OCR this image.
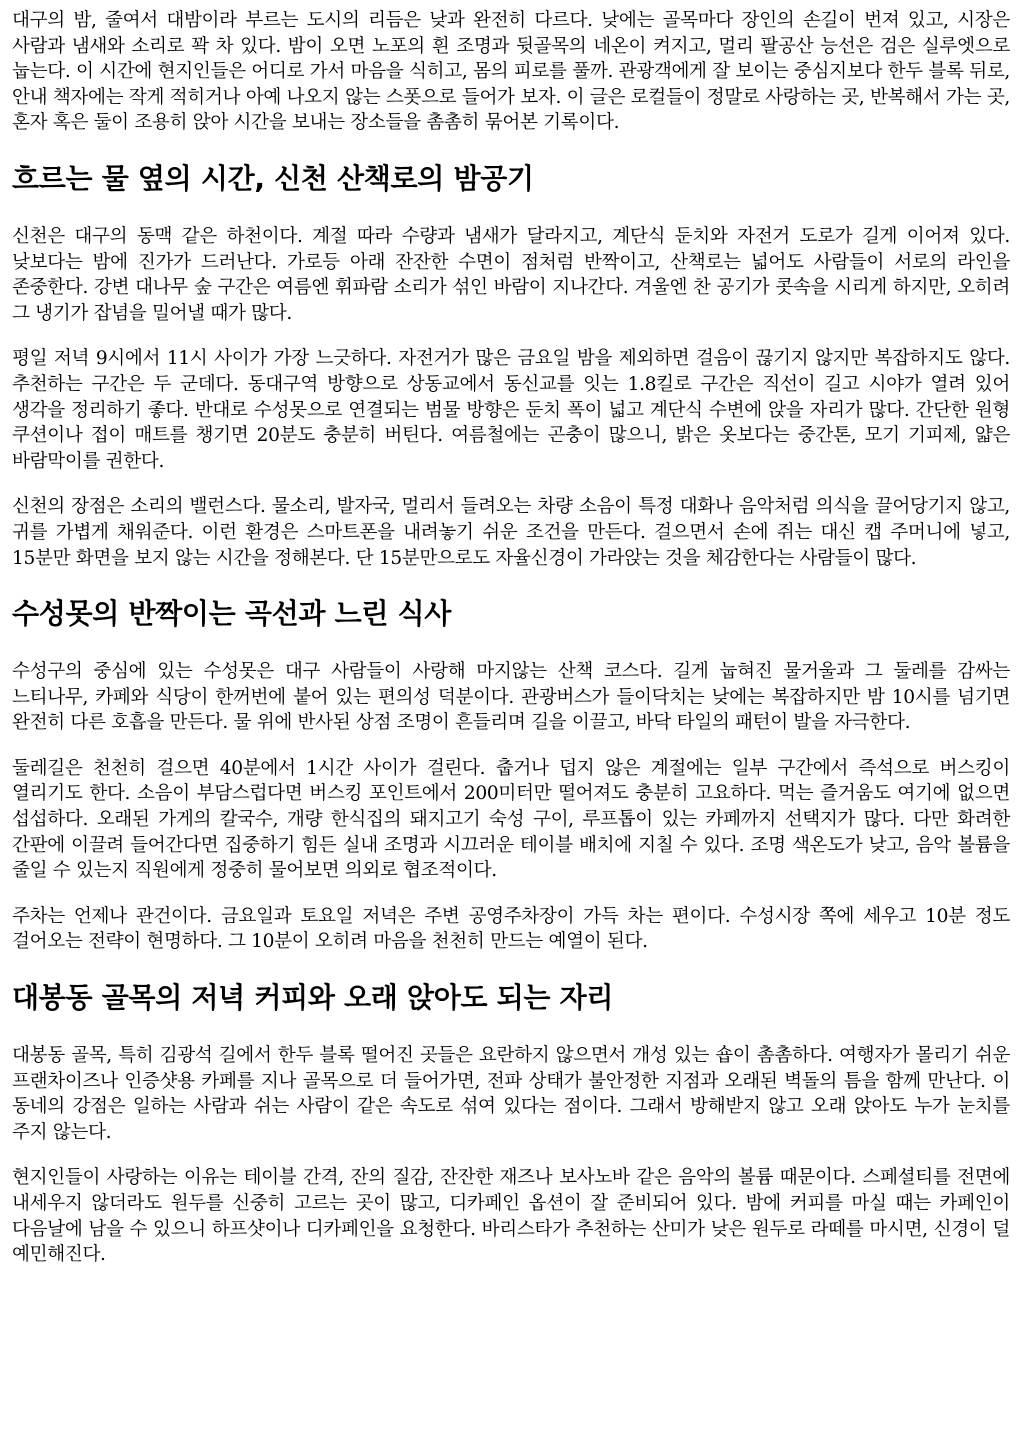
대구의 밤, 줄여서 대밤이라 부르는 도시의 리듬은 낮과 완전히 다르다. 낮에는 골목마다 장인의 손길이 번져 있고, 시장은 사람과 냄새와 소리로 꽉 차 있다. 밤이 오면 노포의 흰 조명과 뒷골목의 네온이 켜지고, 멀리 팔공산 능선은 검은 실루엣으로 눕는다. 이 시간에 현지인들은 어디로 가서 마음을 식히고, 몸의 피로를 풀까. 관광객에게 잘 보이는 중심지보다 한두 블록 뒤로, 안내 책자에는 작게 적히거나 아예 나오지 않는 스폿으로 들어가 보자. 이 글은 로컬들이 정말로 사랑하는 곳, 반복해서 가는 곳, 혼자 혹은 둘이 조용히 앉아 시간을 보내는 장소들을 촘촘히 묶어본 기록이다.

흐르는 물 옆의 시간, 신천 산책로의 밤공기

신천은 대구의 동맥 같은 하천이다. 계절 따라 수량과 냄새가 달라지고, 계단식 둔치와 자전거 도로가 길게 이어져 있다. 낮보다는 밤에 진가가 드러난다. 가로등 아래 잔잔한 수면이 점처럼 반짝이고, 산책로는 넓어도 사람들이 서로의 라인을 존중한다. 강변 대나무 숲 구간은 여름엔 휘파람 소리가 섞인 바람이 지나간다. 겨울엔 찬 공기가 콧속을 시리게 하지만, 오히려 그 냉기가 잡념을 밀어낼 때가 많다.

평일 저녁 9시에서 11시 사이가 가장 느긋하다. 자전거가 많은 금요일 밤을 제외하면 걸음이 끊기지 않지만 복잡하지도 않다. 추천하는 구간은 두 군데다. 동대구역 방향으로 상동교에서 동신교를 잇는 1.8킬로 구간은 직선이 길고 시야가 열려 있어 생각을 정리하기 좋다. 반대로 수성못으로 연결되는 범물 방향은 둔치 폭이 넓고 계단식 수변에 앉을 자리가 많다. 간단한 원형 쿠션이나 접이 매트를 챙기면 20분도 충분히 버틴다. 여름철에는 곤충이 많으니, 밝은 옷보다는 중간톤, 모기 기피제, 얇은 바람막이를 권한다.

신천의 장점은 소리의 밸런스다. 물소리, 발자국, 멀리서 들려오는 차량 소음이 특정 대화나 음악처럼 의식을 끌어당기지 않고, 귀를 가볍게 채워준다. 이런 환경은 스마트폰을 내려놓기 쉬운 조건을 만든다. 걸으면서 손에 쥐는 대신 캡 주머니에 넣고, 15분만 화면을 보지 않는 시간을 정해본다. 단 15분만으로도 자율신경이 가라앉는 것을 체감한다는 사람들이 많다.

수성못의 반짝이는 곡선과 느린 식사

수성구의 중심에 있는 수성못은 대구 사람들이 사랑해 마지않는 산책 코스다. 길게 눕혀진 물거울과 그 둘레를 감싸는 느티나무, 카페와 식당이 한꺼번에 붙어 있는 편의성 덕분이다. 관광버스가 들이닥치는 낮에는 복잡하지만 밤 10시를 넘기면 완전히 다른 호흡을 만든다. 물 위에 반사된 상점 조명이 흔들리며 길을 이끌고, 바닥 타일의 패턴이 발을 자극한다.

둘레길은 천천히 걸으면 40분에서 1시간 사이가 걸린다. 춥거나 덥지 않은 계절에는 일부 구간에서 즉석으로 버스킹이 열리기도 한다. 소음이 부담스럽다면 버스킹 포인트에서 200미터만 떨어져도 충분히 고요하다. 먹는 즐거움도 여기에 없으면 섭섭하다. 오래된 가게의 칼국수, 개량 한식집의 돼지고기 숙성 구이, 루프톱이 있는 카페까지 선택지가 많다. 다만 화려한 간판에 이끌려 들어간다면 집중하기 힘든 실내 조명과 시끄러운 테이블 배치에 지칠 수 있다. 조명 색온도가 낮고, 음악 볼륨을 줄일 수 있는지 직원에게 정중히 물어보면 의외로 협조적이다.

주차는 언제나 관건이다. 금요일과 토요일 저녁은 주변 공영주차장이 가득 차는 편이다. 수성시장 쪽에 세우고 10분 정도 걸어오는 전략이 현명하다. 그 10분이 오히려 마음을 천천히 만드는 예열이 된다.

대봉동 골목의 저녁 커피와 오래 앉아도 되는 자리

대봉동 골목, 특히 김광석 길에서 한두 블록 떨어진 곳들은 요란하지 않으면서 개성 있는 숍이 촘촘하다. 여행자가 몰리기 쉬운 프랜차이즈나 인증샷용 카페를 지나 골목으로 더 들어가면, 전파 상태가 불안정한 지점과 오래된 벽돌의 틈을 함께 만난다. 이 동네의 강점은 일하는 사람과 쉬는 사람이 같은 속도로 섞여 있다는 점이다. 그래서 방해받지 않고 오래 앉아도 누가 눈치를 주지 않는다.

현지인들이 사랑하는 이유는 테이블 간격, 잔의 질감, 잔잔한 재즈나 보사노바 같은 음악의 볼륨 때문이다. 스페셜티를 전면에 내세우지 않더라도 원두를 신중히 고르는 곳이 많고, 디카페인 옵션이 잘 준비되어 있다. 밤에 커피를 마실 때는 카페인이 다음날에 남을 수 있으니 하프샷이나 디카페인을 요청한다. 바리스타가 추천하는 산미가 낮은 원두로 라떼를 마시면, 신경이 덜 예민해진다.
